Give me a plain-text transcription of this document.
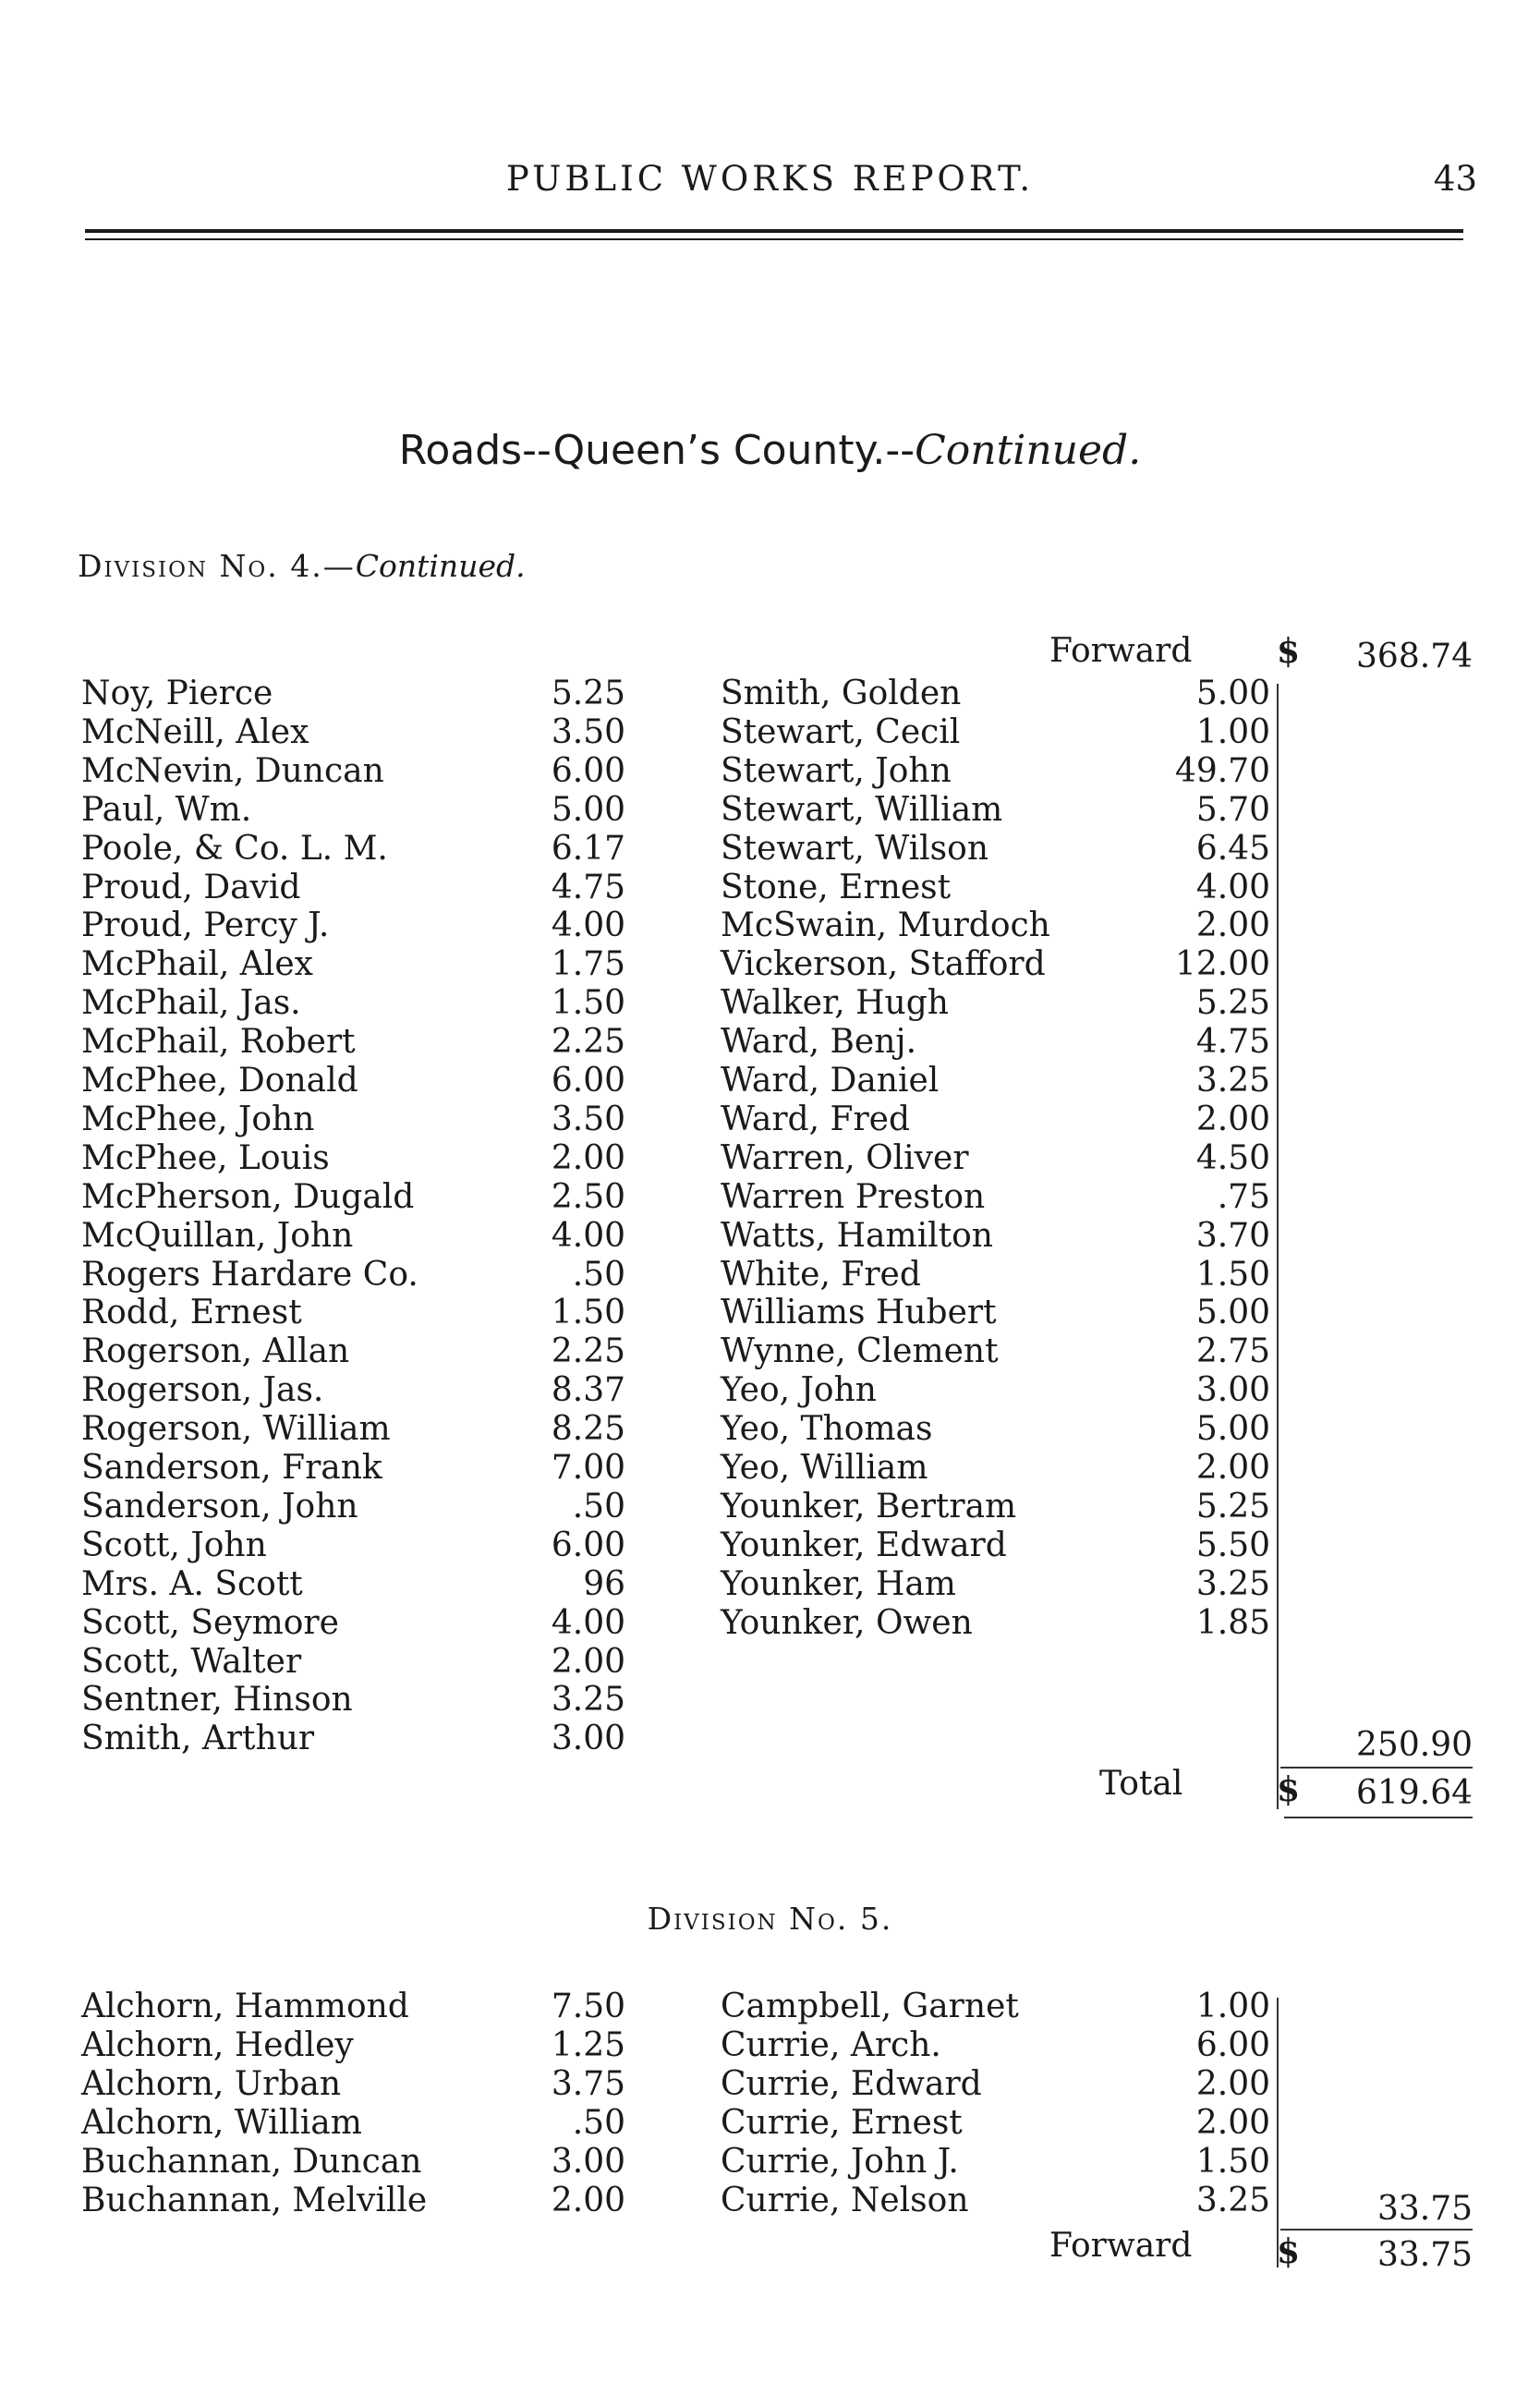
PUBLIC WORKS REPORT.	43
Roads--Queen’s County.--Continued.
Division No. 4.—Continued.
Forward	$	368.74
Noy, Pierce	5.25
McNeill, Alex	3.50
McNevin, Duncan	6.00
Paul, Wm.	5.00
Poole, & Co. L. M.	6.17
Proud, David	4.75
Proud, Percy J.	4.00
McPhail, Alex	1.75
McPhail, Jas.	1.50
McPhail, Robert	2.25
McPhee, Donald	6.00
McPhee, John	3.50
McPhee, Louis	2.00
McPherson, Dugald	2.50
McQuillan, John	4.00
Rogers Hardare Co.	.50
Rodd, Ernest	1.50
Rogerson, Allan	2.25
Rogerson, Jas.	8.37
Rogerson, William	8.25
Sanderson, Frank	7.00
Sanderson, John	.50
Scott, John	6.00
Mrs. A. Scott	96
Scott, Seymore	4.00
Scott, Walter	2.00
Sentner, Hinson	3.25
Smith, Arthur	3.00
Smith, Golden	5.00
Stewart, Cecil	1.00
Stewart, John	49.70
Stewart, William	5.70
Stewart, Wilson	6.45
Stone, Ernest	4.00
McSwain, Murdoch	2.00
Vickerson, Stafford	12.00
Walker, Hugh	5.25
Ward, Benj.	4.75
Ward, Daniel	3.25
Ward, Fred	2.00
Warren, Oliver	4.50
Warren Preston	.75
Watts, Hamilton	3.70
White, Fred	1.50
Williams Hubert	5.00
Wynne, Clement	2.75
Yeo, John	3.00
Yeo, Thomas	5.00
Yeo, William	2.00
Younker, Bertram	5.25
Younker, Edward	5.50
Younker, Ham	3.25
Younker, Owen	1.85
250.90
Total	$	619.64
Division No. 5.
Alchorn, Hammond	7.50
Alchorn, Hedley	1.25
Alchorn, Urban	3.75
Alchorn, William	.50
Buchannan, Duncan	3.00
Buchannan, Melville	2.00
Campbell, Garnet	1.00
Currie, Arch.	6.00
Currie, Edward	2.00
Currie, Ernest	2.00
Currie, John J.	1.50
Currie, Nelson	3.25	33.75
Forward	$	33.75
